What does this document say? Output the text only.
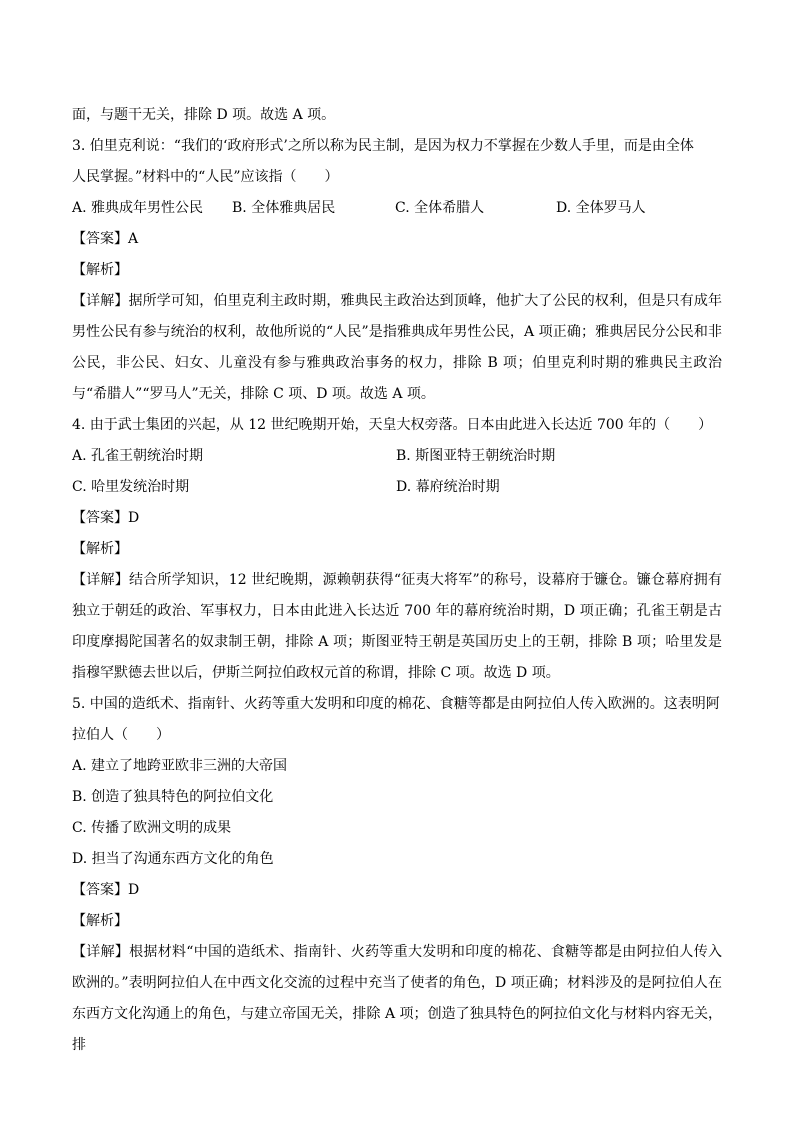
面，与题干无关，排除 D 项。故选 A 项。
3. 伯里克利说：“我们的‘政府形式’之所以称为民主制，是因为权力不掌握在少数人手里，而是由全体
人民掌握。”材料中的“人民”应该指（　　）
A. 雅典成年男性公民	B. 全体雅典居民	C. 全体希腊人	D. 全体罗马人
【答案】A
【解析】
【详解】据所学可知，伯里克利主政时期，雅典民主政治达到顶峰，他扩大了公民的权利，但是只有成年男性公民有参与统治的权利，故他所说的“人民”是指雅典成年男性公民，A 项正确；雅典居民分公民和非公民，非公民、妇女、儿童没有参与雅典政治事务的权力，排除 B 项；伯里克利时期的雅典民主政治与“希腊人”“罗马人”无关，排除 C 项、D 项。故选 A 项。
4. 由于武士集团的兴起，从 12 世纪晚期开始，天皇大权旁落。日本由此进入长达近 700 年的（　　）
A. 孔雀王朝统治时期	B. 斯图亚特王朝统治时期
C. 哈里发统治时期	D. 幕府统治时期
【答案】D
【解析】
【详解】结合所学知识，12 世纪晚期，源赖朝获得“征夷大将军”的称号，设幕府于镰仓。镰仓幕府拥有独立于朝廷的政治、军事权力，日本由此进入长达近 700 年的幕府统治时期，D 项正确；孔雀王朝是古印度摩揭陀国著名的奴隶制王朝，排除 A 项；斯图亚特王朝是英国历史上的王朝，排除 B 项；哈里发是指穆罕默德去世以后，伊斯兰阿拉伯政权元首的称谓，排除 C 项。故选 D 项。
5. 中国的造纸术、指南针、火药等重大发明和印度的棉花、食糖等都是由阿拉伯人传入欧洲的。这表明阿
拉伯人（　　）
A. 建立了地跨亚欧非三洲的大帝国
B. 创造了独具特色的阿拉伯文化
C. 传播了欧洲文明的成果
D. 担当了沟通东西方文化的角色
【答案】D
【解析】
【详解】根据材料“中国的造纸术、指南针、火药等重大发明和印度的棉花、食糖等都是由阿拉伯人传入欧洲的。”表明阿拉伯人在中西文化交流的过程中充当了使者的角色，D 项正确；材料涉及的是阿拉伯人在东西方文化沟通上的角色，与建立帝国无关，排除 A 项；创造了独具特色的阿拉伯文化与材料内容无关，排
